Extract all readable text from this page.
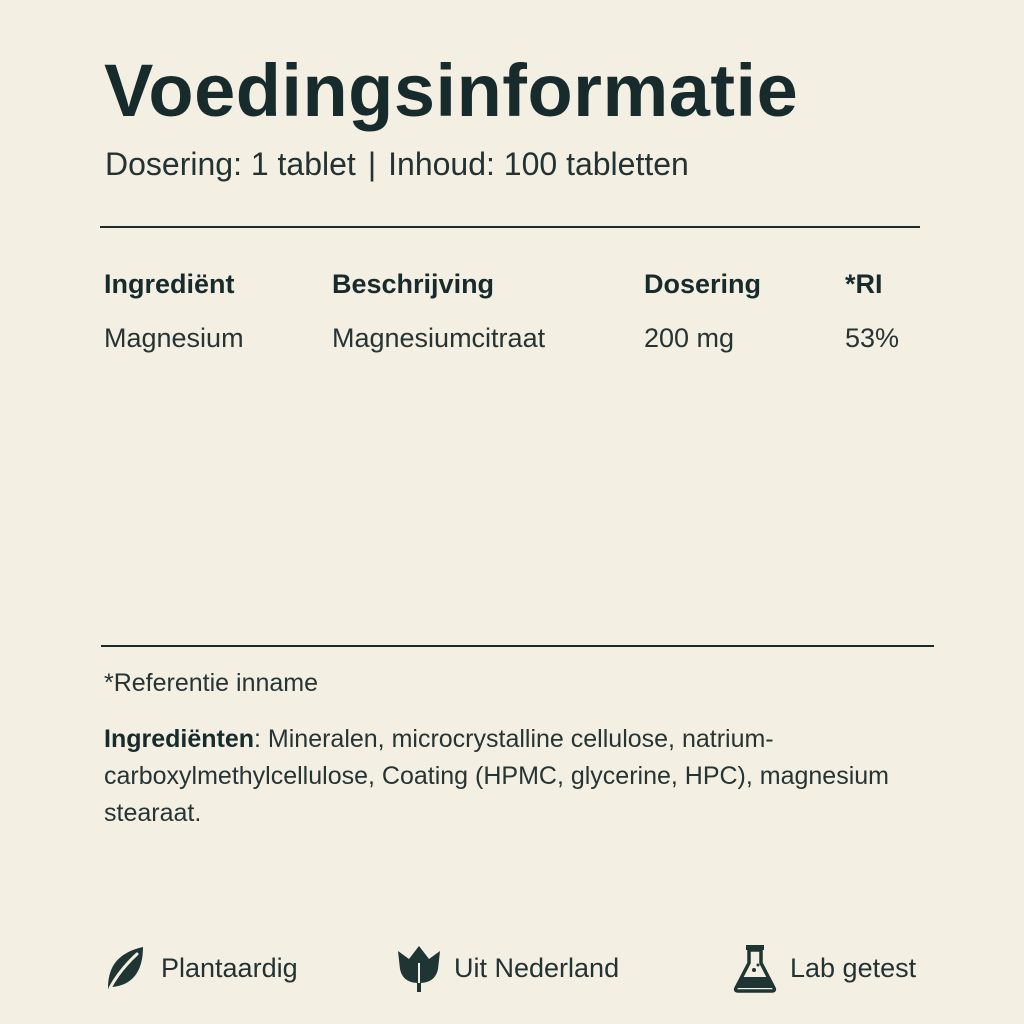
Voedingsinformatie
Dosering: 1 tablet | Inhoud: 100 tabletten
Ingrediënt	Beschrijving	Dosering	*RI
Magnesium	Magnesiumcitraat	200 mg	53%
*Referentie inname
Ingrediënten: Mineralen, microcrystalline cellulose, natrium-carboxylmethylcellulose, Coating (HPMC, glycerine, HPC), magnesium stearaat.
Plantaardig	Uit Nederland	Lab getest
